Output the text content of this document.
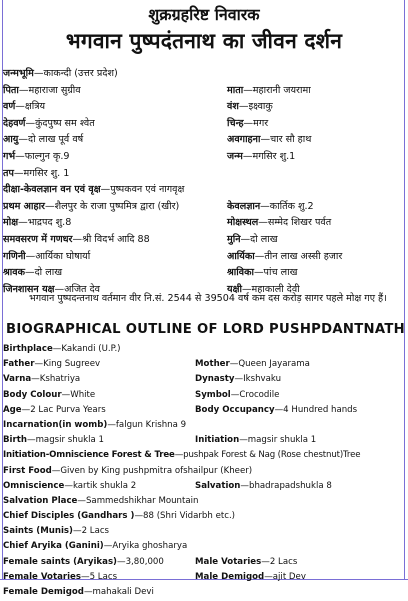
शुक्रग्रहरिष्ट निवारक
भगवान पुष्पदंतनाथ का जीवन दर्शन
जन्मभूमि—काकन्दी (उत्तर प्रदेश)
पिता—महाराजा सुग्रीव	माता—महारानी जयरामा
वर्ण—क्षत्रिय	वंश—इक्ष्वाकु
देहवर्ण—कुंदपुष्प सम श्वेत	चिन्ह—मगर
आयु—दो लाख पूर्व वर्ष	अवगाहना—चार सौ हाथ
गर्भ—फाल्गुन कृ.9	जन्म—मगसिर शु.1
तप—मगसिर शु. 1
दीक्षा-केवलज्ञान वन एवं वृक्ष—पुष्पकवन एवं नागवृक्ष
प्रथम आहार—शैलपुर के राजा पुष्पमित्र द्वारा (खीर)	केवलज्ञान—कार्तिक शु.2
मोक्ष—भाद्रपद शु.8	मोक्षस्थल—सम्मेद शिखर पर्वत
समवसरण में गणधर—श्री विदर्भ आदि 88	मुनि—दो लाख
गणिनी—आर्यिका घोषार्या	आर्यिका—तीन लाख अस्सी हजार
श्रावक—दो लाख	श्राविका—पांच लाख
जिनशासन यक्ष—अजित देव	यक्षी—महाकाली देवी
भगवान पुष्पदन्तनाथ वर्तमान वीर नि.सं. 2544 से 39504 वर्ष कम दस करोड़ सागर पहले मोक्ष गए हैं।
BIOGRAPHICAL OUTLINE OF LORD PUSHPDANTNATH
Birthplace—Kakandi (U.P.)
Father—King Sugreev	Mother—Queen Jayarama
Varna—Kshatriya	Dynasty—Ikshvaku
Body Colour—White	Symbol—Crocodile
Age—2 Lac Purva Years	Body Occupancy—4 Hundred hands
Incarnation(in womb)—falgun Krishna 9
Birth—magsir shukla 1	Initiation—magsir shukla 1
Initiation-Omniscience Forest & Tree—pushpak Forest & Nag (Rose chestnut)Tree
First Food—Given by King pushpmitra ofshailpur (Kheer)
Omniscience—kartik shukla 2	Salvation—bhadrapadshukla 8
Salvation Place—Sammedshikhar Mountain
Chief Disciples (Gandhars )—88 (Shri Vidarbh etc.)
Saints (Munis)—2 Lacs
Chief Aryika (Ganini)—Aryika ghosharya
Female saints (Aryikas)—3,80,000	Male Votaries—2 Lacs
Female Votaries—5 Lacs	Male Demigod—ajit Dev
Female Demigod—mahakali Devi
